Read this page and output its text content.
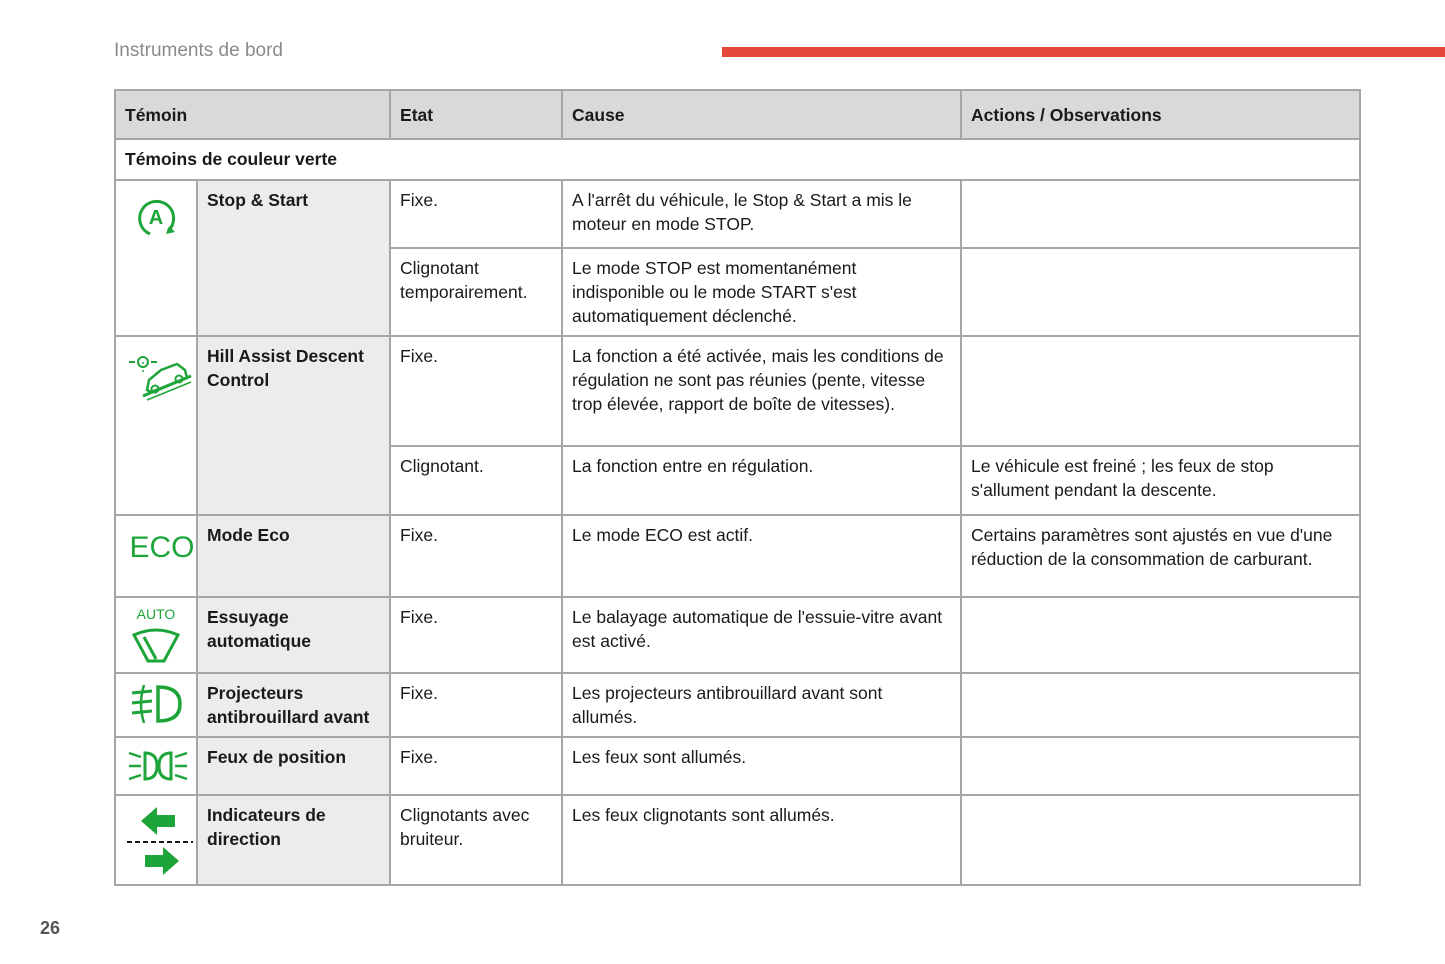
Instruments de bord
Témoin		Etat	Cause	Actions / Observations
Témoins de couleur verte				

A	Stop & Start	Fixe.	A l'arrêt du véhicule, le Stop & Start a mis le moteur en mode STOP.	
		Clignotant temporairement.	Le mode STOP est momentanément indisponible ou le mode START s'est automatiquement déclenché.	

	Hill Assist Descent Control	Fixe.	La fonction a été activée, mais les conditions de régulation ne sont pas réunies (pente, vitesse trop élevée, rapport de boîte de vitesses).	
		Clignotant.	La fonction entre en régulation.	Le véhicule est freiné ; les feux de stop s'allument pendant la descente.

ECO	Mode Eco	Fixe.	Le mode ECO est actif.	Certains paramètres sont ajustés en vue d'une réduction de la consommation de carburant.

AUTO	Essuyage automatique	Fixe.	Le balayage automatique de l'essuie-vitre avant est activé.	

	Projecteurs antibrouillard avant	Fixe.	Les projecteurs antibrouillard avant sont allumés.	

	Feux de position	Fixe.	Les feux sont allumés.	

	Indicateurs de direction	Clignotants avec bruiteur.	Les feux clignotants sont allumés.	
26
